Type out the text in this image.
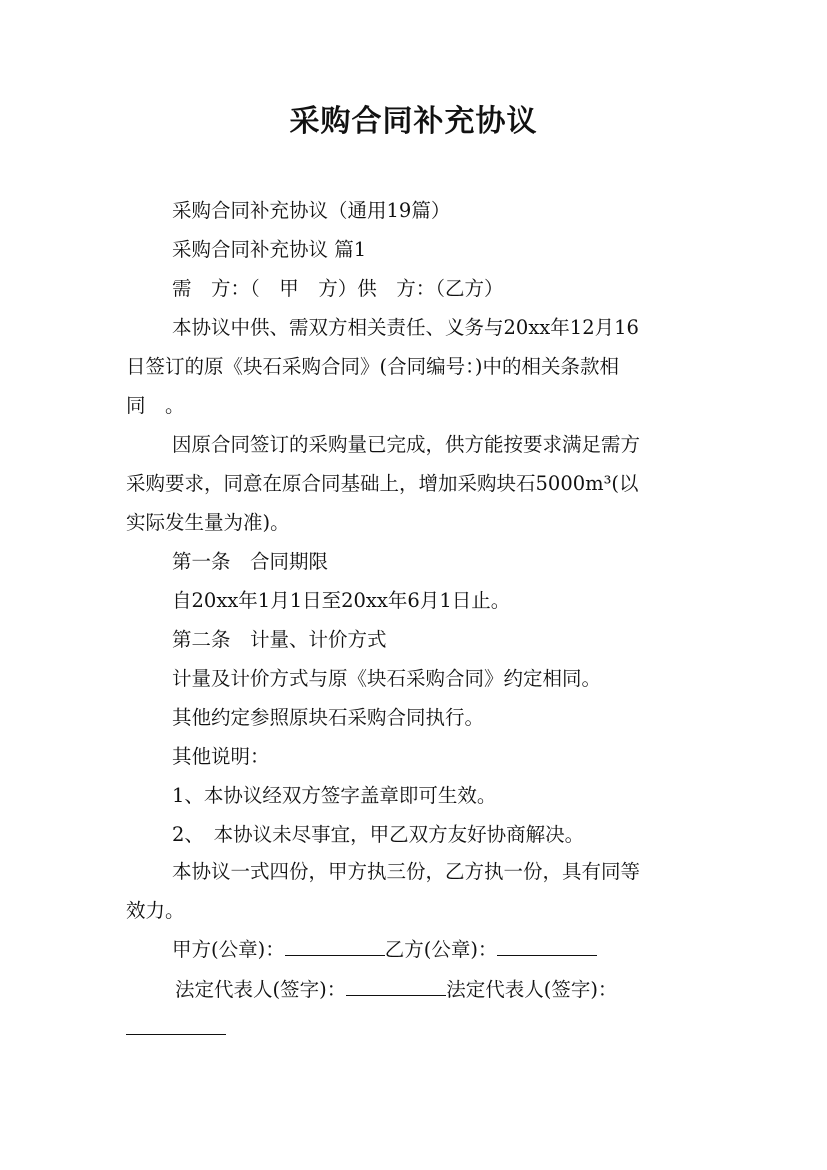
采购合同补充协议
采购合同补充协议（通用19篇）
采购合同补充协议 篇1
需　方：（　甲　方）供　方：（乙方）
本协议中供、需双方相关责任、义务与20xx年12月16
日签订的原《块石采购合同》(合同编号：)中的相关条款相
同　。
因原合同签订的采购量已完成，供方能按要求满足需方
采购要求，同意在原合同基础上，增加采购块石5000m³(以
实际发生量为准)。
第一条　合同期限
自20xx年1月1日至20xx年6月1日止。
第二条　计量、计价方式
计量及计价方式与原《块石采购合同》约定相同。
其他约定参照原块石采购合同执行。
其他说明：
1、本协议经双方签字盖章即可生效。
2、　本协议未尽事宜，甲乙双方友好协商解决。
本协议一式四份，甲方执三份，乙方执一份，具有同等
效力。
甲方(公章)：	乙方(公章)：
法定代表人(签字)：	法定代表人(签字)：
